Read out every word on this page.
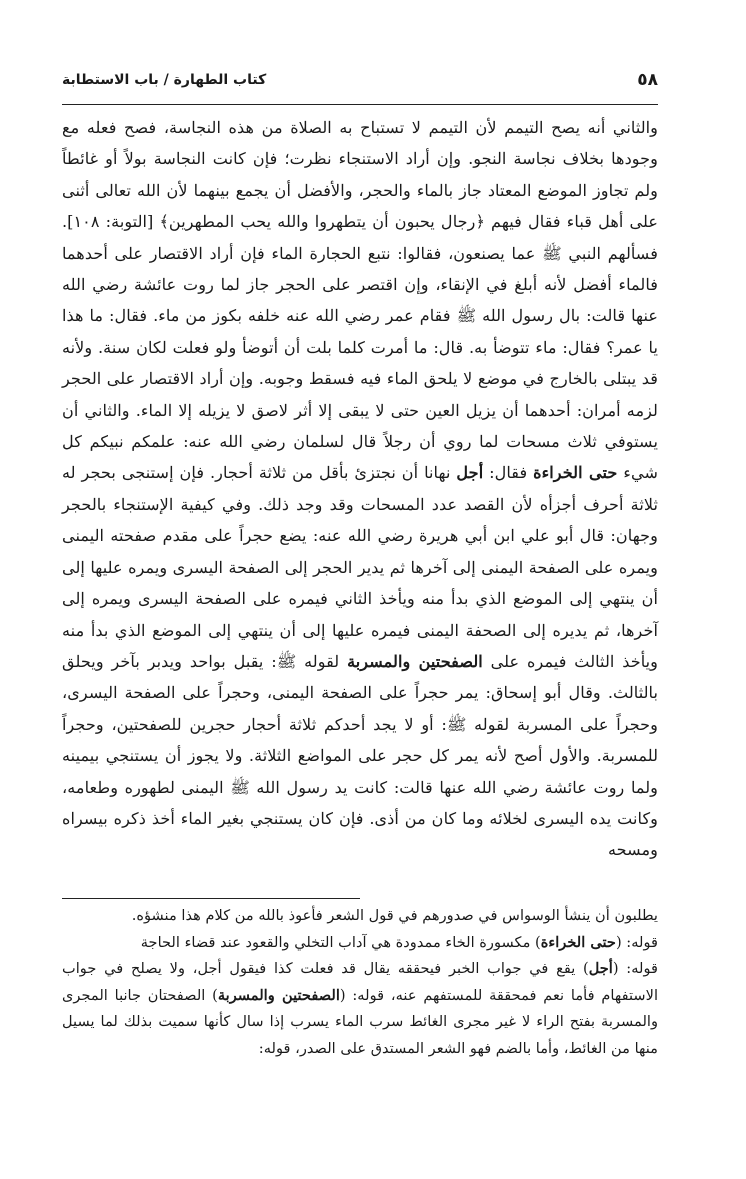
٥٨
كتاب الطهارة / باب الاستطابة

والثاني أنه يصح التيمم لأن التيمم لا تستباح به الصلاة من هذه النجاسة، فصح فعله مع وجودها بخلاف نجاسة النجو. وإن أراد الاستنجاء نظرت؛ فإن كانت النجاسة بولاً أو غائطاً ولم تجاوز الموضع المعتاد جاز بالماء والحجر، والأفضل أن يجمع بينهما لأن الله تعالى أثنى على أهل قباء فقال فيهم ﴿رجال يحبون أن يتطهروا والله يحب المطهرين﴾ [التوبة: ١٠٨]. فسألهم النبي ﷺ عما يصنعون، فقالوا: نتبع الحجارة الماء فإن أراد الاقتصار على أحدهما فالماء أفضل لأنه أبلغ في الإنقاء، وإن اقتصر على الحجر جاز لما روت عائشة رضي الله عنها قالت: بال رسول الله ﷺ فقام عمر رضي الله عنه خلفه بكوز من ماء. فقال: ما هذا يا عمر؟ فقال: ماء تتوضأ به. قال: ما أمرت كلما بلت أن أتوضأ ولو فعلت لكان سنة. ولأنه قد يبتلى بالخارج في موضع لا يلحق الماء فيه فسقط وجوبه. وإن أراد الاقتصار على الحجر لزمه أمران: أحدهما أن يزيل العين حتى لا يبقى إلا أثر لاصق لا يزيله إلا الماء. والثاني أن يستوفي ثلاث مسحات لما روي أن رجلاً قال لسلمان رضي الله عنه: علمكم نبيكم كل شيء حتى الخراءة فقال: أجل نهانا أن نجتزئ بأقل من ثلاثة أحجار. فإن إستنجى بحجر له ثلاثة أحرف أجزأه لأن القصد عدد المسحات وقد وجد ذلك. وفي كيفية الإستنجاء بالحجر وجهان: قال أبو علي ابن أبي هريرة رضي الله عنه: يضع حجراً على مقدم صفحته اليمنى ويمره على الصفحة اليمنى إلى آخرها ثم يدير الحجر إلى الصفحة اليسرى ويمره عليها إلى أن ينتهي إلى الموضع الذي بدأ منه ويأخذ الثاني فيمره على الصفحة اليسرى ويمره إلى آخرها، ثم يديره إلى الصحفة اليمنى فيمره عليها إلى أن ينتهي إلى الموضع الذي بدأ منه ويأخذ الثالث فيمره على الصفحتين والمسربة لقوله ﷺ: يقبل بواحد ويدبر بآخر ويحلق بالثالث. وقال أبو إسحاق: يمر حجراً على الصفحة اليمنى، وحجراً على الصفحة اليسرى، وحجراً على المسربة لقوله ﷺ: أو لا يجد أحدكم ثلاثة أحجار حجرين للصفحتين، وحجراً للمسربة. والأول أصح لأنه يمر كل حجر على المواضع الثلاثة. ولا يجوز أن يستنجي بيمينه ولما روت عائشة رضي الله عنها قالت: كانت يد رسول الله ﷺ اليمنى لطهوره وطعامه، وكانت يده اليسرى لخلائه وما كان من أذى. فإن كان يستنجي بغير الماء أخذ ذكره بيسراه ومسحه

يطلبون أن ينشأ الوسواس في صدورهم في قول الشعر فأعوذ بالله من كلام هذا منشؤه.

قوله: (حتى الخراءة) مكسورة الخاء ممدودة هي آداب التخلي والقعود عند قضاء الحاجة

قوله: (أجل) يقع في جواب الخبر فيحققه يقال قد فعلت كذا فيقول أجل، ولا يصلح في جواب الاستفهام فأما نعم فمحققة للمستفهم عنه، قوله: (الصفحتين والمسربة) الصفحتان جانبا المجرى والمسربة بفتح الراء لا غير مجرى الغائط سرب الماء يسرب إذا سال كأنها سميت بذلك لما يسيل منها من الغائط، وأما بالضم فهو الشعر المستدق على الصدر، قوله:
